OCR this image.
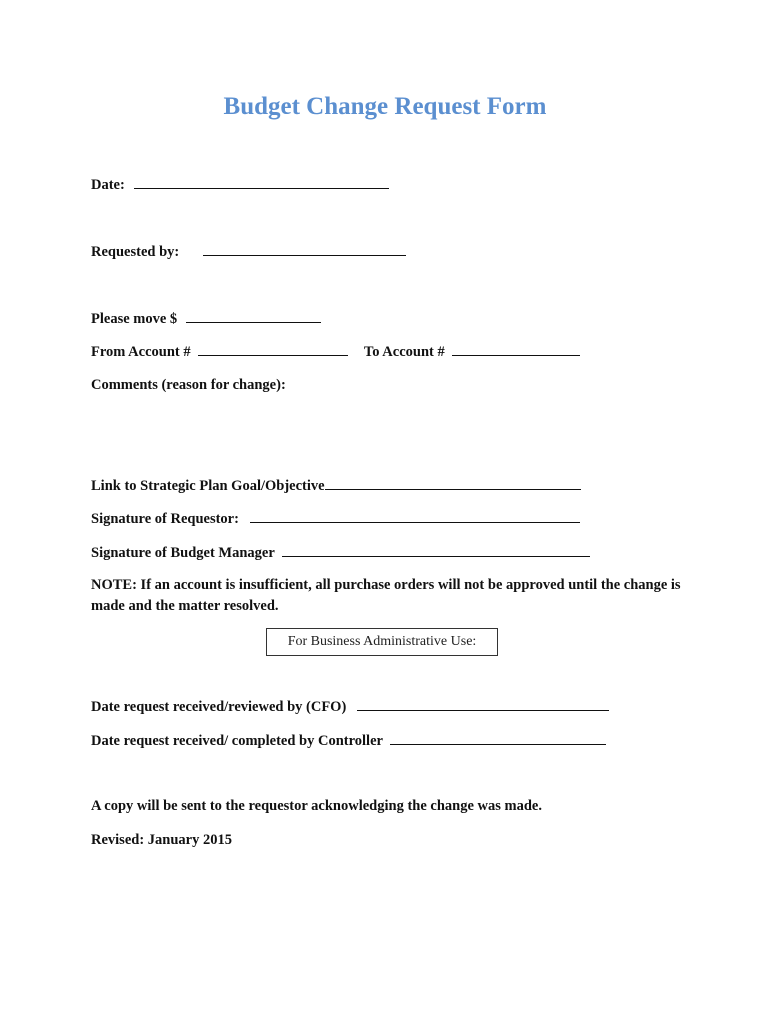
Budget Change Request Form
Date:
Requested by:
Please move $
From Account #	To Account #
Comments (reason for change):
Link to Strategic Plan Goal/Objective
Signature of Requestor:
Signature of Budget Manager
NOTE: If an account is insufficient, all purchase orders will not be approved until the change is made and the matter resolved.
For Business Administrative Use:
Date request received/reviewed by (CFO)
Date request received/ completed by Controller
A copy will be sent to the requestor acknowledging the change was made.
Revised: January 2015
